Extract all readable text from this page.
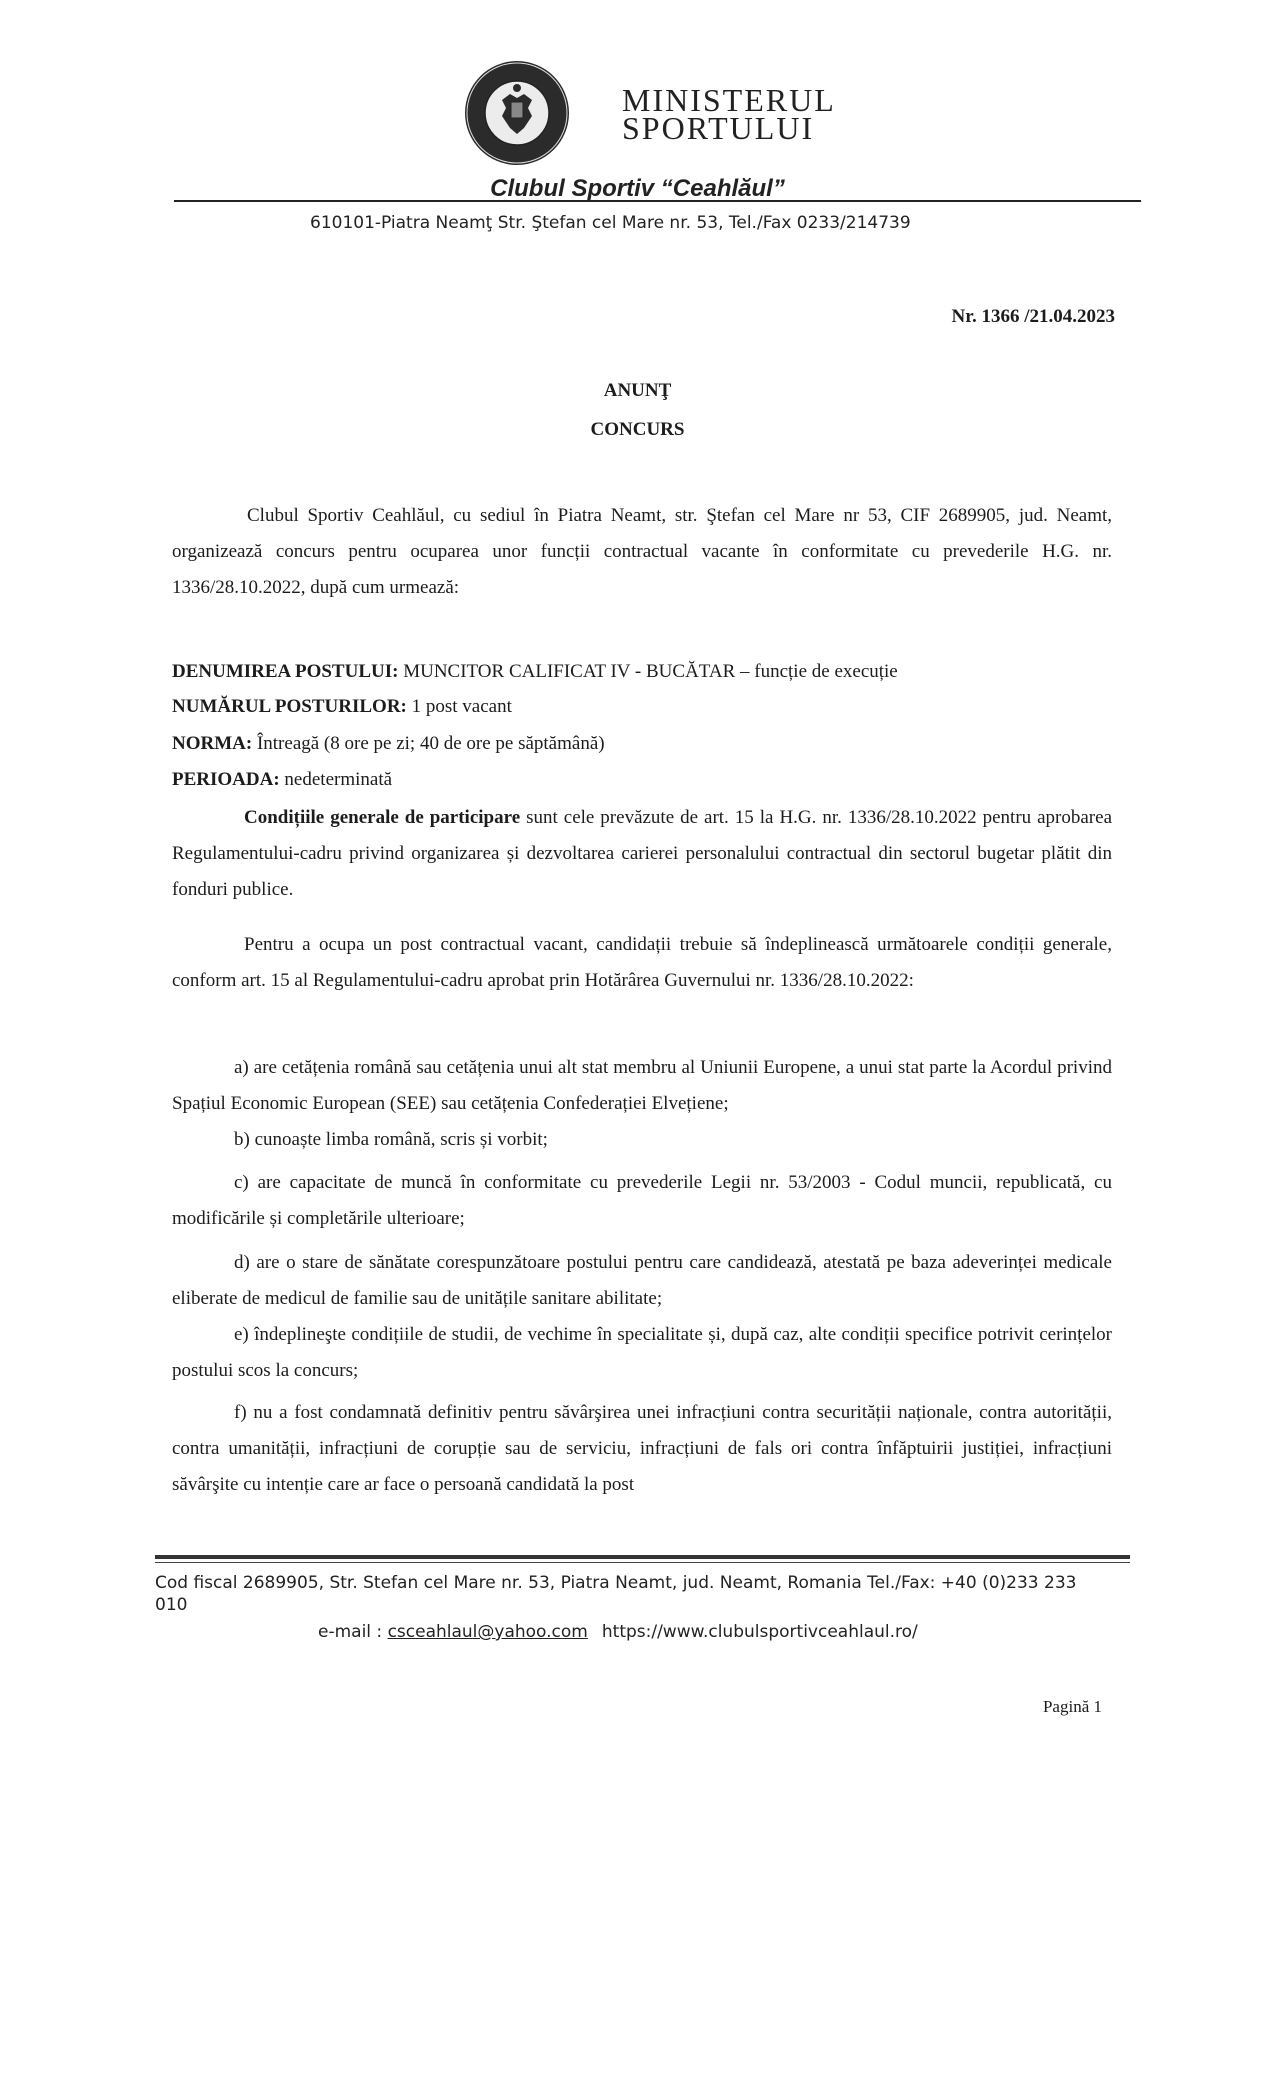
MINISTERUL
SPORTULUI
Clubul Sportiv “Ceahlăul”
610101-Piatra Neamţ Str. Ştefan cel Mare nr. 53, Tel./Fax 0233/214739
Nr. 1366 /21.04.2023
ANUNŢ
CONCURS
Clubul Sportiv Ceahlăul, cu sediul în Piatra Neamt, str. Ştefan cel Mare nr 53, CIF 2689905, jud. Neamt, organizează concurs pentru ocuparea unor funcții contractual vacante în conformitate cu prevederile H.G. nr. 1336/28.10.2022, după cum urmează:
DENUMIREA POSTULUI: MUNCITOR CALIFICAT IV - BUCĂTAR – funcție de execuție
NUMĂRUL POSTURILOR: 1 post vacant
NORMA: Întreagă (8 ore pe zi; 40 de ore pe săptămână)
PERIOADA: nedeterminată
Condițiile generale de participare sunt cele prevăzute de art. 15 la H.G. nr. 1336/28.10.2022 pentru aprobarea Regulamentului-cadru privind organizarea și dezvoltarea carierei personalului contractual din sectorul bugetar plătit din fonduri publice.
Pentru a ocupa un post contractual vacant, candidații trebuie să îndeplinească următoarele condiții generale, conform art. 15 al Regulamentului-cadru aprobat prin Hotărârea Guvernului nr. 1336/28.10.2022:
a) are cetățenia română sau cetățenia unui alt stat membru al Uniunii Europene, a unui stat parte la Acordul privind Spațiul Economic European (SEE) sau cetățenia Confederației Elvețiene;
b) cunoaște limba română, scris și vorbit;
c) are capacitate de muncă în conformitate cu prevederile Legii nr. 53/2003 - Codul muncii, republicată, cu modificările și completările ulterioare;
d) are o stare de sănătate corespunzătoare postului pentru care candidează, atestată pe baza adeverinței medicale eliberate de medicul de familie sau de unitățile sanitare abilitate;
e) îndeplineşte condițiile de studii, de vechime în specialitate și, după caz, alte condiții specifice potrivit cerințelor postului scos la concurs;
f) nu a fost condamnată definitiv pentru săvârşirea unei infracțiuni contra securității naționale, contra autorității, contra umanității, infracțiuni de corupție sau de serviciu, infracțiuni de fals ori contra înfăptuirii justiției, infracțiuni săvârşite cu intenție care ar face o persoană candidată la post
Cod fiscal 2689905, Str. Stefan cel Mare nr. 53, Piatra Neamt, jud. Neamt, Romania Tel./Fax: +40 (0)233 233 010
e-mail : csceahlaul@yahoo.com https://www.clubulsportivceahlaul.ro/
Pagină 1
